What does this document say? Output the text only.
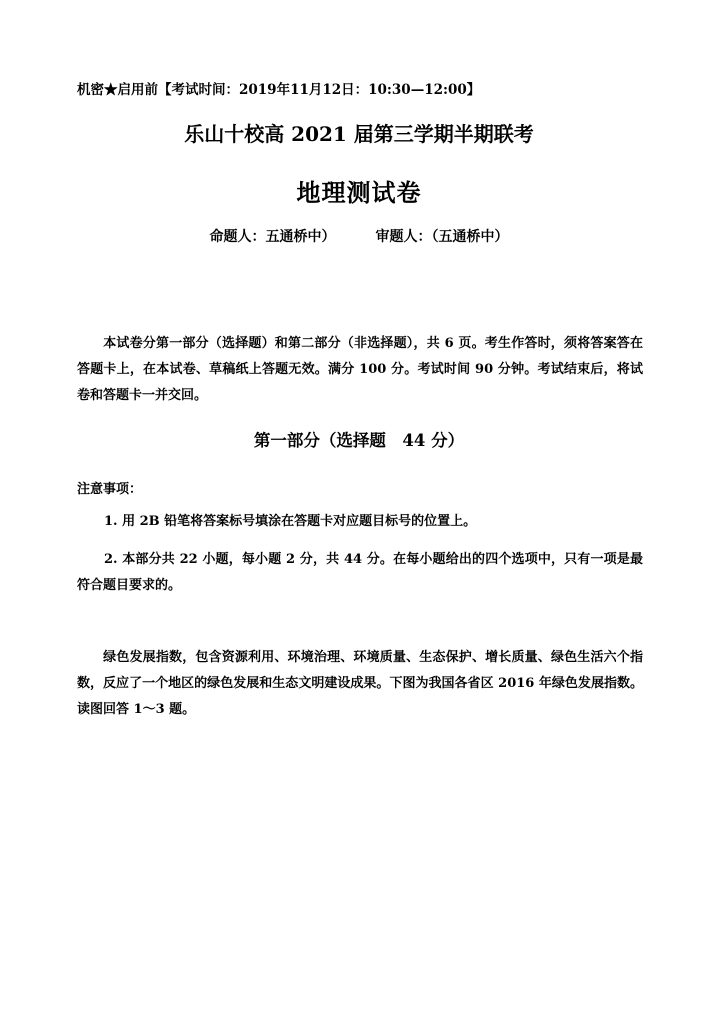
机密★启用前【考试时间：2019年11月12日：10:30—12:00】
乐山十校高 2021 届第三学期半期联考
地理测试卷
命题人：五通桥中）	审题人：（五通桥中）
本试卷分第一部分（选择题）和第二部分（非选择题），共 6 页。考生作答时，须将答案答在答题卡上，在本试卷、草稿纸上答题无效。满分 100 分。考试时间 90 分钟。考试结束后，将试卷和答题卡一并交回。
第一部分（选择题　44 分）
注意事项：
1. 用 2B 铅笔将答案标号填涂在答题卡对应题目标号的位置上。
2. 本部分共 22 小题，每小题 2 分，共 44 分。在每小题给出的四个选项中，只有一项是最符合题目要求的。
绿色发展指数，包含资源利用、环境治理、环境质量、生态保护、增长质量、绿色生活六个指数，反应了一个地区的绿色发展和生态文明建设成果。下图为我国各省区 2016 年绿色发展指数。读图回答 1～3 题。
